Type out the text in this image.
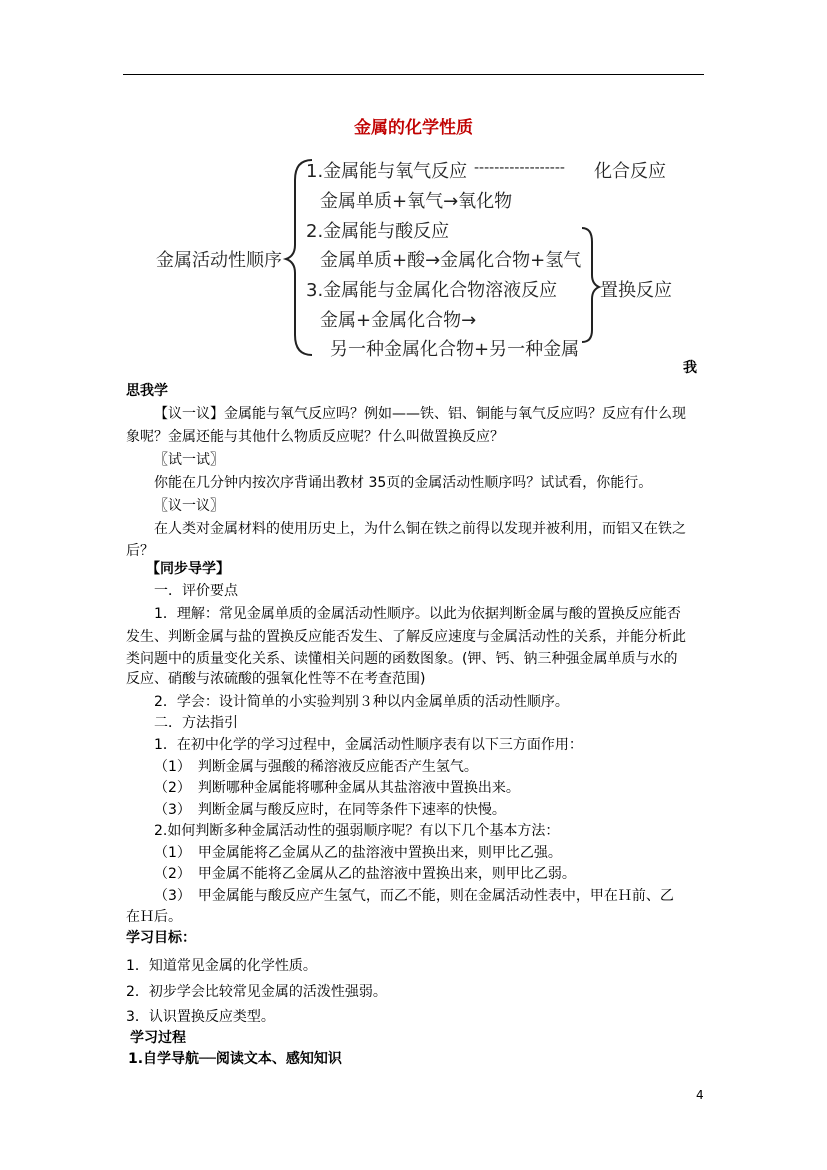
金属的化学性质
金属活动性顺序
1.金属能与氧气反应 ------------------ 化合反应
金属单质+氧气→氧化物
2.金属能与酸反应
金属单质+酸→金属化合物+氢气
3.金属能与金属化合物溶液反应 置换反应
金属+金属化合物→
另一种金属化合物+另一种金属
我
思我学
【议一议】金属能与氧气反应吗？例如——铁、铝、铜能与氧气反应吗？反应有什么现
象呢？金属还能与其他什么物质反应呢？什么叫做置换反应？
〖试一试〗
你能在几分钟内按次序背诵出教材 35页的金属活动性顺序吗？试试看，你能行。
〖议一议〗
在人类对金属材料的使用历史上，为什么铜在铁之前得以发现并被利用，而铝又在铁之
后？
【同步导学】
一．评价要点
1．理解：常见金属单质的金属活动性顺序。以此为依据判断金属与酸的置换反应能否
发生、判断金属与盐的置换反应能否发生、了解反应速度与金属活动性的关系，并能分析此
类问题中的质量变化关系、读懂相关问题的函数图象。(钾、钙、钠三种强金属单质与水的
反应、硝酸与浓硫酸的强氧化性等不在考查范围)
2．学会：设计简单的小实验判别３种以内金属单质的活动性顺序。
二．方法指引
1．在初中化学的学习过程中，金属活动性顺序表有以下三方面作用：
（1）　判断金属与强酸的稀溶液反应能否产生氢气。
（2）　判断哪种金属能将哪种金属从其盐溶液中置换出来。
（3）　判断金属与酸反应时，在同等条件下速率的快慢。
2.如何判断多种金属活动性的强弱顺序呢？有以下几个基本方法：
（1）　甲金属能将乙金属从乙的盐溶液中置换出来，则甲比乙强。
（2）　甲金属不能将乙金属从乙的盐溶液中置换出来，则甲比乙弱。
（3）　甲金属能与酸反应产生氢气，而乙不能，则在金属活动性表中，甲在Ｈ前、乙
在Ｈ后。
学习目标：
1．知道常见金属的化学性质。
2．初步学会比较常见金属的活泼性强弱。
3．认识置换反应类型。
学习过程
1.自学导航──阅读文本、感知知识
4
